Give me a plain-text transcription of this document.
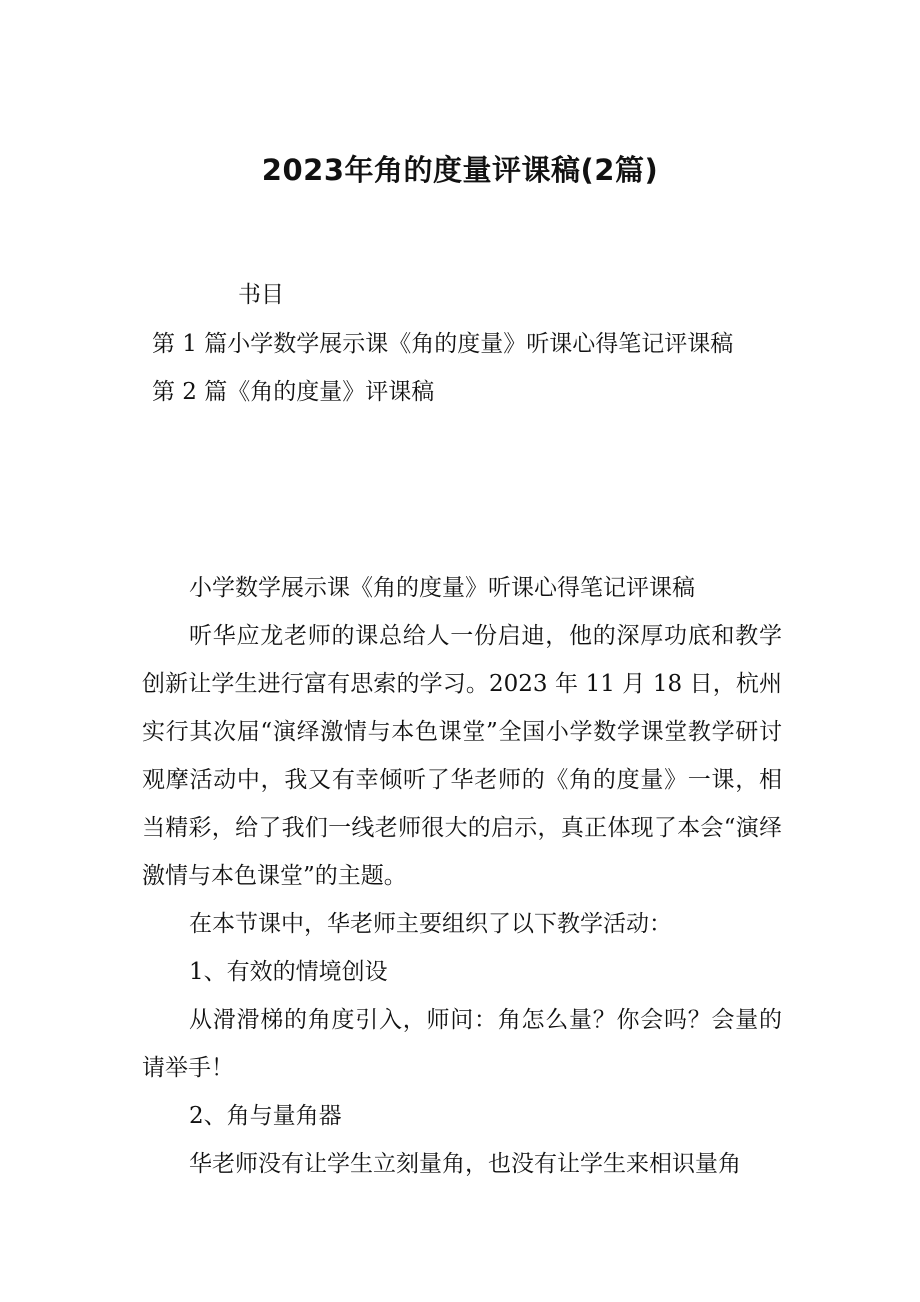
2023年角的度量评课稿(2篇)
书目
第 1 篇小学数学展示课《角的度量》听课心得笔记评课稿
第 2 篇《角的度量》评课稿

小学数学展示课《角的度量》听课心得笔记评课稿

听华应龙老师的课总给人一份启迪，他的深厚功底和教学创新让学生进行富有思索的学习。2023 年 11 月 18 日，杭州实行其次届“演绎激情与本色课堂”全国小学数学课堂教学研讨观摩活动中，我又有幸倾听了华老师的《角的度量》一课，相当精彩，给了我们一线老师很大的启示，真正体现了本会“演绎激情与本色课堂”的主题。

在本节课中，华老师主要组织了以下教学活动：

1、有效的情境创设

从滑滑梯的角度引入，师问：角怎么量？你会吗？会量的请举手！

2、角与量角器

华老师没有让学生立刻量角，也没有让学生来相识量角
